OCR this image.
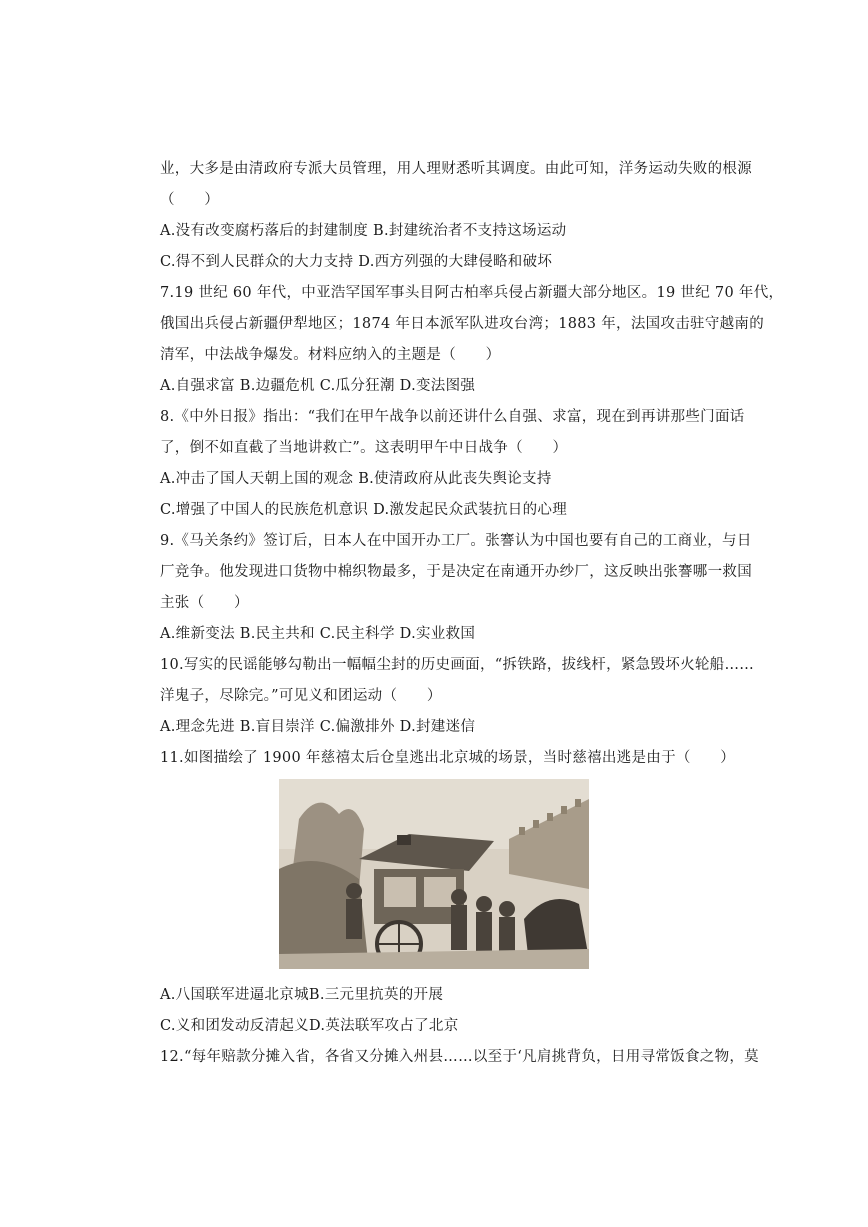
业，大多是由清政府专派大员管理，用人理财悉听其调度。由此可知，洋务运动失败的根源
（　　）
A.没有改变腐朽落后的封建制度 B.封建统治者不支持这场运动
C.得不到人民群众的大力支持 D.西方列强的大肆侵略和破坏
7.19 世纪 60 年代，中亚浩罕国军事头目阿古柏率兵侵占新疆大部分地区。19 世纪 70 年代，
俄国出兵侵占新疆伊犁地区；1874 年日本派军队进攻台湾；1883 年，法国攻击驻守越南的
清军，中法战争爆发。材料应纳入的主题是（　　）
A.自强求富 B.边疆危机 C.瓜分狂潮 D.变法图强
8.《中外日报》指出：“我们在甲午战争以前还讲什么自强、求富，现在到再讲那些门面话
了，倒不如直截了当地讲救亡”。这表明甲午中日战争（　　）
A.冲击了国人天朝上国的观念 B.使清政府从此丧失舆论支持
C.增强了中国人的民族危机意识 D.激发起民众武装抗日的心理
9.《马关条约》签订后，日本人在中国开办工厂。张謇认为中国也要有自己的工商业，与日
厂竞争。他发现进口货物中棉织物最多，于是决定在南通开办纱厂，这反映出张謇哪一救国
主张（　　）
A.维新变法 B.民主共和 C.民主科学 D.实业救国
10.写实的民谣能够勾勒出一幅幅尘封的历史画面，“拆铁路，拔线杆，紧急毁坏火轮船……
洋鬼子，尽除完。”可见义和团运动（　　）
A.理念先进 B.盲目崇洋 C.偏激排外 D.封建迷信
11.如图描绘了 1900 年慈禧太后仓皇逃出北京城的场景，当时慈禧出逃是由于（　　）
A.八国联军进逼北京城B.三元里抗英的开展
C.义和团发动反清起义D.英法联军攻占了北京
12.“每年赔款分摊入省，各省又分摊入州县……以至于‘凡肩挑背负，日用寻常饭食之物，莫
